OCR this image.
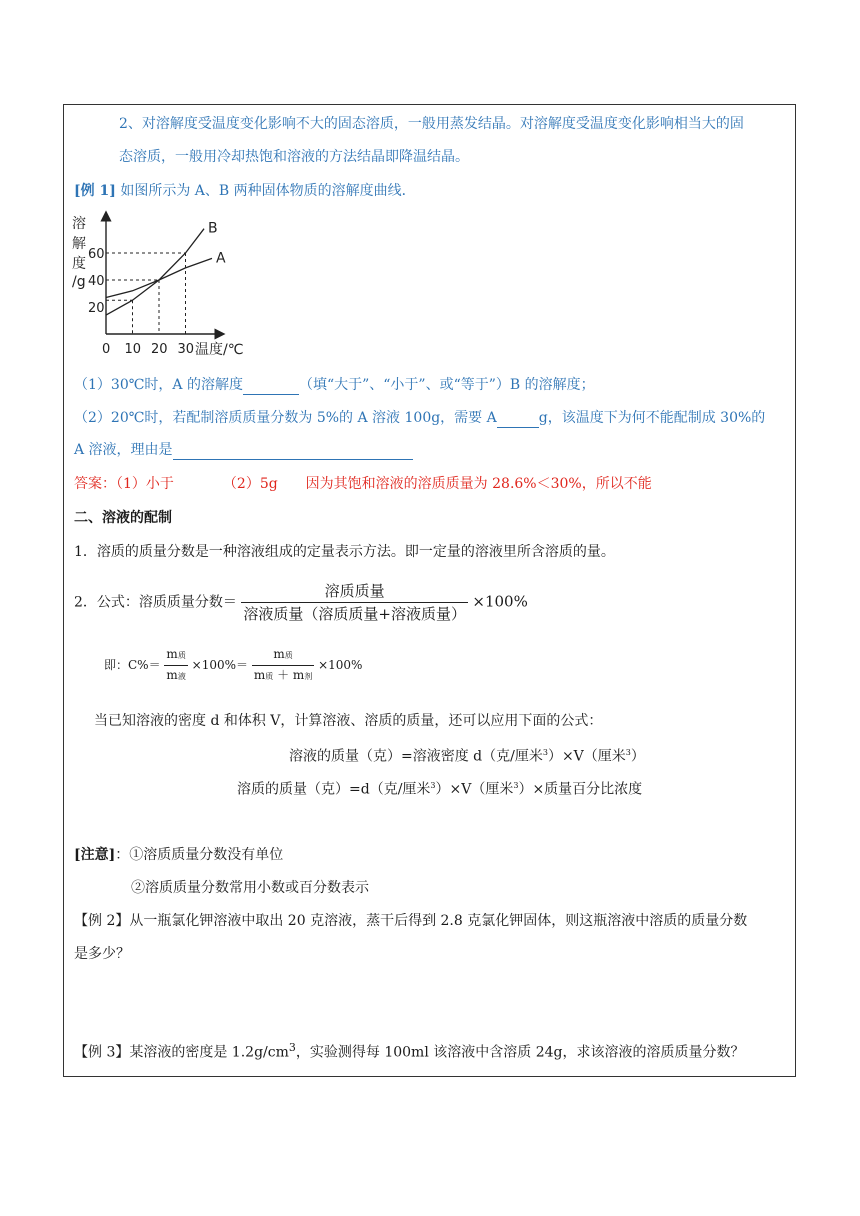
2、对溶解度受温度变化影响不大的固态溶质，一般用蒸发结晶。对溶解度受温度变化影响相当大的固
态溶质，一般用冷却热饱和溶液的方法结晶即降温结晶。
[例 1] 如图所示为 A、B 两种固体物质的溶解度曲线．
溶
解
度
/g
A
B
0 10 20 30
20
40
60
温度/℃
（1）30℃时，A 的溶解度	（填“大于”、“小于”、或“等于”）B 的溶解度；
（2）20℃时，若配制溶质质量分数为 5%的 A 溶液 100g，需要 A	g，该温度下为何不能配制成 30%的
A 溶液，理由是
答案：（1）小于　　　　（2）5g　　因为其饱和溶液的溶质质量为 28.6%＜30%，所以不能
二、溶液的配制
1．溶质的质量分数是一种溶液组成的定量表示方法。即一定量的溶液里所含溶质的量。
2．公式：溶质质量分数＝ $\frac{\text{溶质质量}}{\text{溶液质量（溶质质量+溶液质量）}} \times 100\%$
即：$C\%= \frac{\text{m质}}{\text{m液}} \times 100\%= \frac{\text{m质}}{\text{m质 ＋ m剂}} \times 100\%$
当已知溶液的密度 d 和体积 V，计算溶液、溶质的质量，还可以应用下面的公式：
溶液的质量（克）=溶液密度 d（克/厘米$^3$）×V（厘米$^3$）
溶质的质量（克）=d（克/厘米$^3$）×V（厘米$^3$）×质量百分比浓度
[注意]：①溶质质量分数没有单位
②溶质质量分数常用小数或百分数表示
【例 2】从一瓶氯化钾溶液中取出 20 克溶液，蒸干后得到 2.8 克氯化钾固体，则这瓶溶液中溶质的质量分数
是多少？
【例 3】某溶液的密度是 $1.2g/cm^3$，实验测得每 100ml 该溶液中含溶质 24g，求该溶液的溶质质量分数？
